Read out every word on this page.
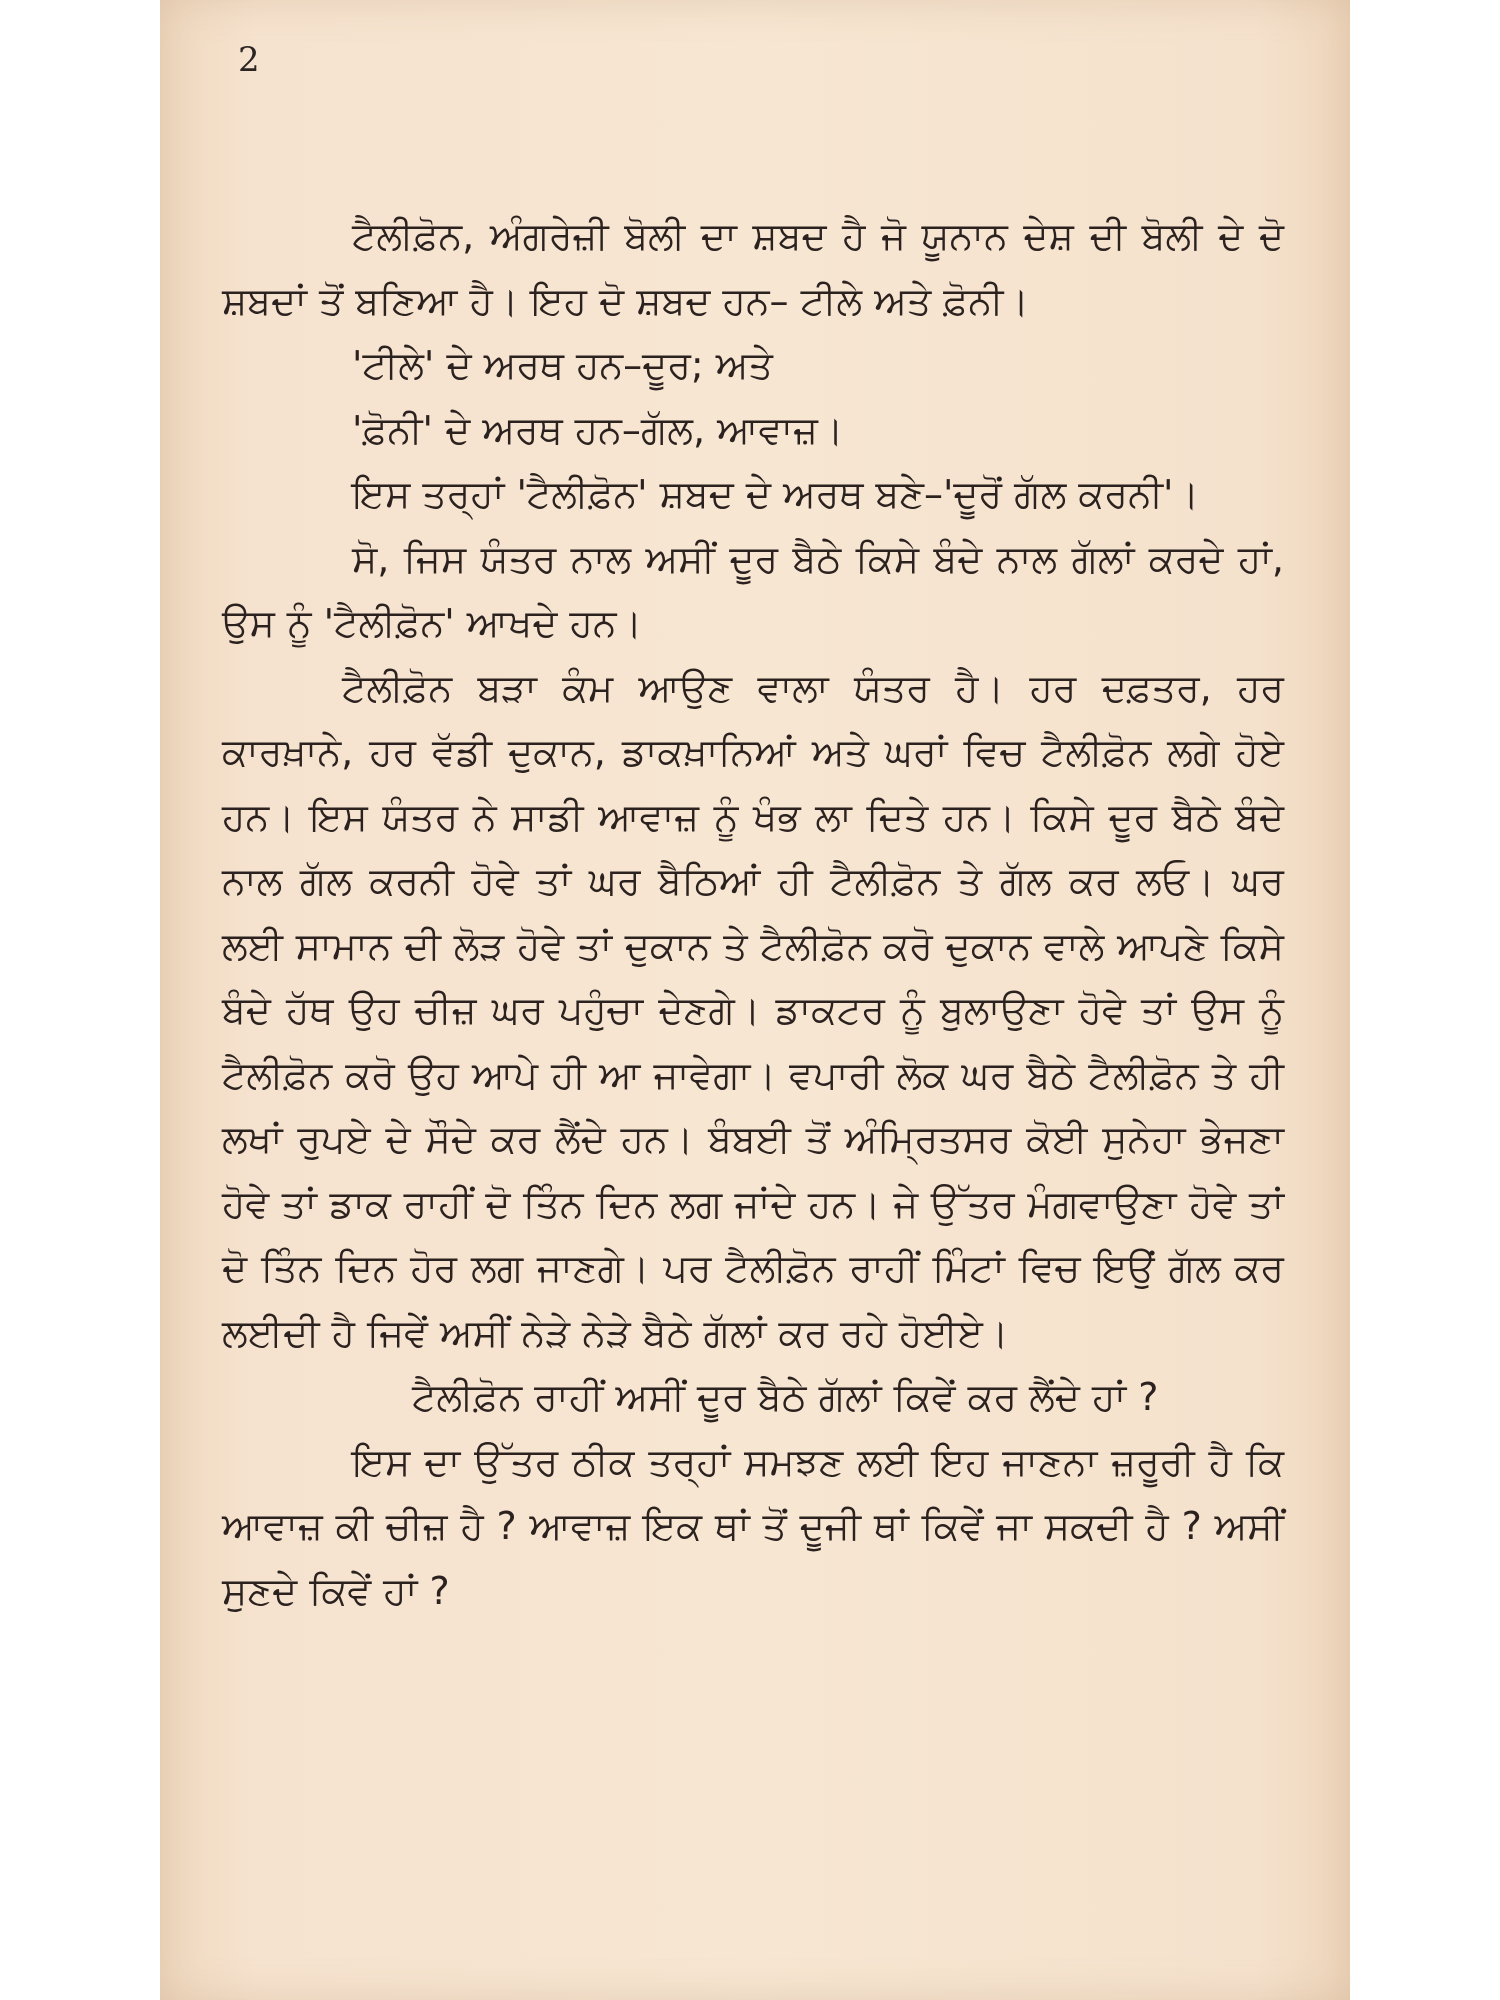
2

ਟੈਲੀਫ਼ੋਨ, ਅੰਗਰੇਜ਼ੀ ਬੋਲੀ ਦਾ ਸ਼ਬਦ ਹੈ ਜੋ ਯੂਨਾਨ ਦੇਸ਼ ਦੀ ਬੋਲੀ ਦੇ ਦੋ ਸ਼ਬਦਾਂ ਤੋਂ ਬਣਿਆ ਹੈ। ਇਹ ਦੋ ਸ਼ਬਦ ਹਨ– ਟੀਲੇ ਅਤੇ ਫ਼ੋਨੀ।

'ਟੀਲੇ' ਦੇ ਅਰਥ ਹਨ–ਦੂਰ; ਅਤੇ

'ਫ਼ੋਨੀ' ਦੇ ਅਰਥ ਹਨ–ਗੱਲ, ਆਵਾਜ਼।

ਇਸ ਤਰ੍ਹਾਂ 'ਟੈਲੀਫ਼ੋਨ' ਸ਼ਬਦ ਦੇ ਅਰਥ ਬਣੇ–'ਦੂਰੋਂ ਗੱਲ ਕਰਨੀ'।

ਸੋ, ਜਿਸ ਯੰਤਰ ਨਾਲ ਅਸੀਂ ਦੂਰ ਬੈਠੇ ਕਿਸੇ ਬੰਦੇ ਨਾਲ ਗੱਲਾਂ ਕਰਦੇ ਹਾਂ, ਉਸ ਨੂੰ 'ਟੈਲੀਫ਼ੋਨ' ਆਖਦੇ ਹਨ।

ਟੈਲੀਫ਼ੋਨ ਬੜਾ ਕੰਮ ਆਉਣ ਵਾਲਾ ਯੰਤਰ ਹੈ। ਹਰ ਦਫ਼ਤਰ, ਹਰ ਕਾਰਖ਼ਾਨੇ, ਹਰ ਵੱਡੀ ਦੁਕਾਨ, ਡਾਕਖ਼ਾਨਿਆਂ ਅਤੇ ਘਰਾਂ ਵਿਚ ਟੈਲੀਫ਼ੋਨ ਲਗੇ ਹੋਏ ਹਨ। ਇਸ ਯੰਤਰ ਨੇ ਸਾਡੀ ਆਵਾਜ਼ ਨੂੰ ਖੰਭ ਲਾ ਦਿਤੇ ਹਨ। ਕਿਸੇ ਦੂਰ ਬੈਠੇ ਬੰਦੇ ਨਾਲ ਗੱਲ ਕਰਨੀ ਹੋਵੇ ਤਾਂ ਘਰ ਬੈਠਿਆਂ ਹੀ ਟੈਲੀਫ਼ੋਨ ਤੇ ਗੱਲ ਕਰ ਲਓ। ਘਰ ਲਈ ਸਾਮਾਨ ਦੀ ਲੋੜ ਹੋਵੇ ਤਾਂ ਦੁਕਾਨ ਤੇ ਟੈਲੀਫ਼ੋਨ ਕਰੋ ਦੁਕਾਨ ਵਾਲੇ ਆਪਣੇ ਕਿਸੇ ਬੰਦੇ ਹੱਥ ਉਹ ਚੀਜ਼ ਘਰ ਪਹੁੰਚਾ ਦੇਣਗੇ। ਡਾਕਟਰ ਨੂੰ ਬੁਲਾਉਣਾ ਹੋਵੇ ਤਾਂ ਉਸ ਨੂੰ ਟੈਲੀਫ਼ੋਨ ਕਰੋ ਉਹ ਆਪੇ ਹੀ ਆ ਜਾਵੇਗਾ। ਵਪਾਰੀ ਲੋਕ ਘਰ ਬੈਠੇ ਟੈਲੀਫ਼ੋਨ ਤੇ ਹੀ ਲਖਾਂ ਰੁਪਏ ਦੇ ਸੌਦੇ ਕਰ ਲੈਂਦੇ ਹਨ। ਬੰਬਈ ਤੋਂ ਅੰਮ੍ਰਿਤਸਰ ਕੋਈ ਸੁਨੇਹਾ ਭੇਜਣਾ ਹੋਵੇ ਤਾਂ ਡਾਕ ਰਾਹੀਂ ਦੋ ਤਿੰਨ ਦਿਨ ਲਗ ਜਾਂਦੇ ਹਨ। ਜੇ ਉੱਤਰ ਮੰਗਵਾਉਣਾ ਹੋਵੇ ਤਾਂ ਦੋ ਤਿੰਨ ਦਿਨ ਹੋਰ ਲਗ ਜਾਣਗੇ। ਪਰ ਟੈਲੀਫ਼ੋਨ ਰਾਹੀਂ ਮਿੰਟਾਂ ਵਿਚ ਇਉਂ ਗੱਲ ਕਰ ਲਈਦੀ ਹੈ ਜਿਵੇਂ ਅਸੀਂ ਨੇੜੇ ਨੇੜੇ ਬੈਠੇ ਗੱਲਾਂ ਕਰ ਰਹੇ ਹੋਈਏ।

ਟੈਲੀਫ਼ੋਨ ਰਾਹੀਂ ਅਸੀਂ ਦੂਰ ਬੈਠੇ ਗੱਲਾਂ ਕਿਵੇਂ ਕਰ ਲੈਂਦੇ ਹਾਂ ?

ਇਸ ਦਾ ਉੱਤਰ ਠੀਕ ਤਰ੍ਹਾਂ ਸਮਝਣ ਲਈ ਇਹ ਜਾਣਨਾ ਜ਼ਰੂਰੀ ਹੈ ਕਿ ਆਵਾਜ਼ ਕੀ ਚੀਜ਼ ਹੈ ? ਆਵਾਜ਼ ਇਕ ਥਾਂ ਤੋਂ ਦੂਜੀ ਥਾਂ ਕਿਵੇਂ ਜਾ ਸਕਦੀ ਹੈ ? ਅਸੀਂ ਸੁਣਦੇ ਕਿਵੇਂ ਹਾਂ ?
